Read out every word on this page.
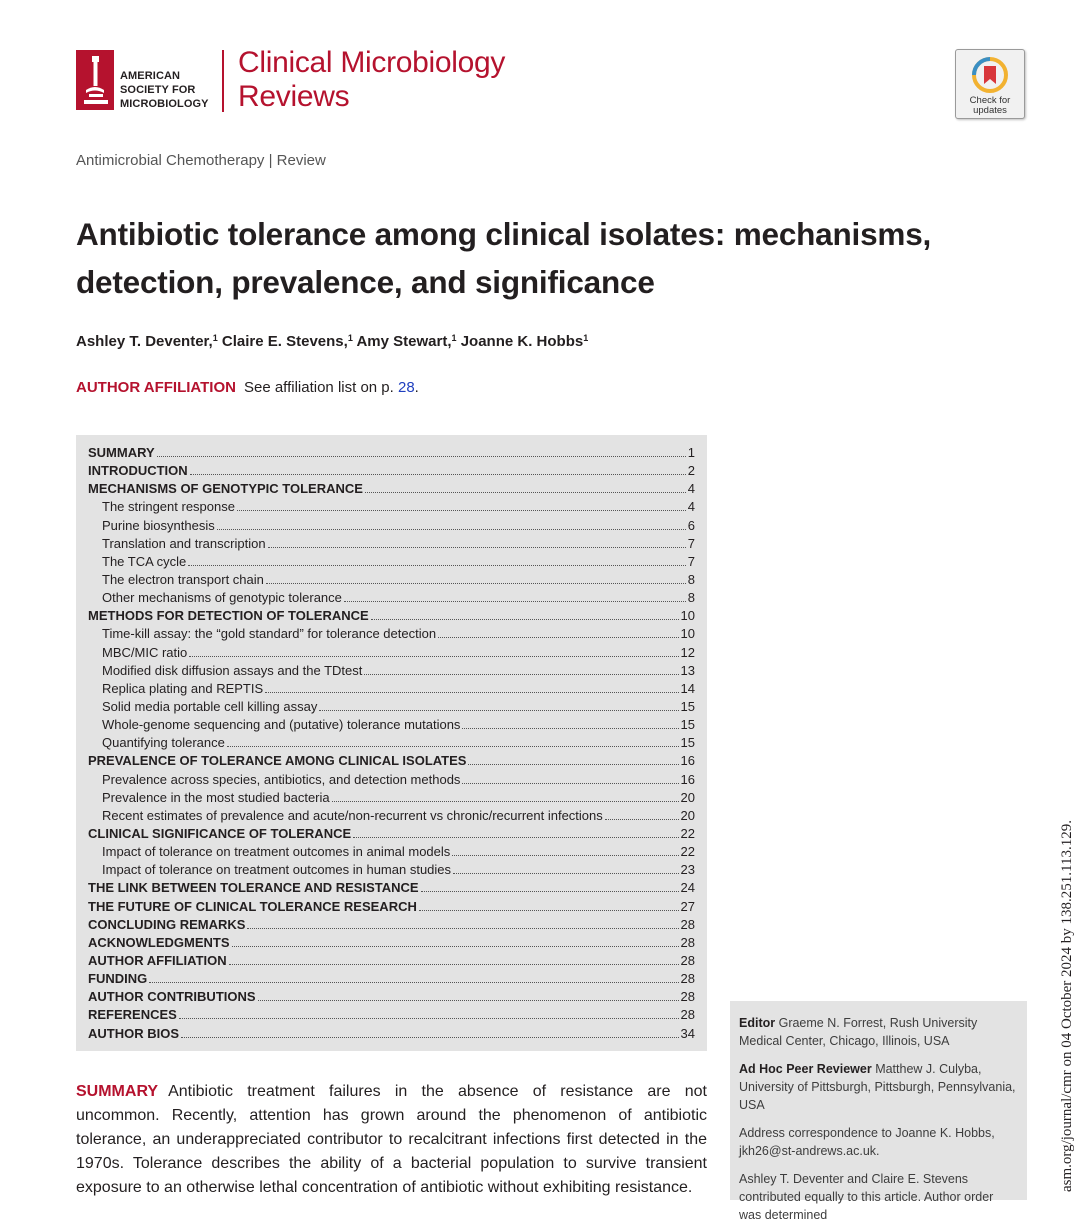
AMERICAN
SOCIETY FOR
MICROBIOLOGY
Clinical Microbiology
Reviews	Check for
updates
Antimicrobial Chemotherapy | Review
Antibiotic tolerance among clinical isolates: mechanisms,
detection, prevalence, and significance
Ashley T. Deventer,$^1$ Claire E. Stevens,$^1$ Amy Stewart,$^1$ Joanne K. Hobbs$^1$
AUTHOR AFFILIATION See affiliation list on p. 28.
SUMMARY	1
INTRODUCTION	2
MECHANISMS OF GENOTYPIC TOLERANCE	4
The stringent response	4
Purine biosynthesis	6
Translation and transcription	7
The TCA cycle	7
The electron transport chain	8
Other mechanisms of genotypic tolerance	8
METHODS FOR DETECTION OF TOLERANCE	10
Time-kill assay: the “gold standard” for tolerance detection	10
MBC/MIC ratio	12
Modified disk diffusion assays and the TDtest	13
Replica plating and REPTIS	14
Solid media portable cell killing assay	15
Whole-genome sequencing and (putative) tolerance mutations	15
Quantifying tolerance	15
PREVALENCE OF TOLERANCE AMONG CLINICAL ISOLATES	16
Prevalence across species, antibiotics, and detection methods	16
Prevalence in the most studied bacteria	20
Recent estimates of prevalence and acute/non-recurrent vs chronic/recurrent infections	20
CLINICAL SIGNIFICANCE OF TOLERANCE	22
Impact of tolerance on treatment outcomes in animal models	22
Impact of tolerance on treatment outcomes in human studies	23
THE LINK BETWEEN TOLERANCE AND RESISTANCE	24
THE FUTURE OF CLINICAL TOLERANCE RESEARCH	27
CONCLUDING REMARKS	28
ACKNOWLEDGMENTS	28
AUTHOR AFFILIATION	28
FUNDING	28
AUTHOR CONTRIBUTIONS	28
REFERENCES	28
AUTHOR BIOS	34

SUMMARY Antibiotic treatment failures in the absence of resistance are not uncommon. Recently, attention has grown around the phenomenon of antibiotic tolerance, an underappreciated contributor to recalcitrant infections first detected in the 1970s. Tolerance describes the ability of a bacterial population to survive transient exposure to an otherwise lethal concentration of antibiotic without exhibiting resistance.

Editor Graeme N. Forrest, Rush University Medical Center, Chicago, Illinois, USA

Ad Hoc Peer Reviewer Matthew J. Culyba, University of Pittsburgh, Pittsburgh, Pennsylvania, USA

Address correspondence to Joanne K. Hobbs, jkh26@st-andrews.ac.uk.

Ashley T. Deventer and Claire E. Stevens contributed equally to this article. Author order was determined

asm.org/journal/cmr on 04 October 2024 by 138.251.113.129.
